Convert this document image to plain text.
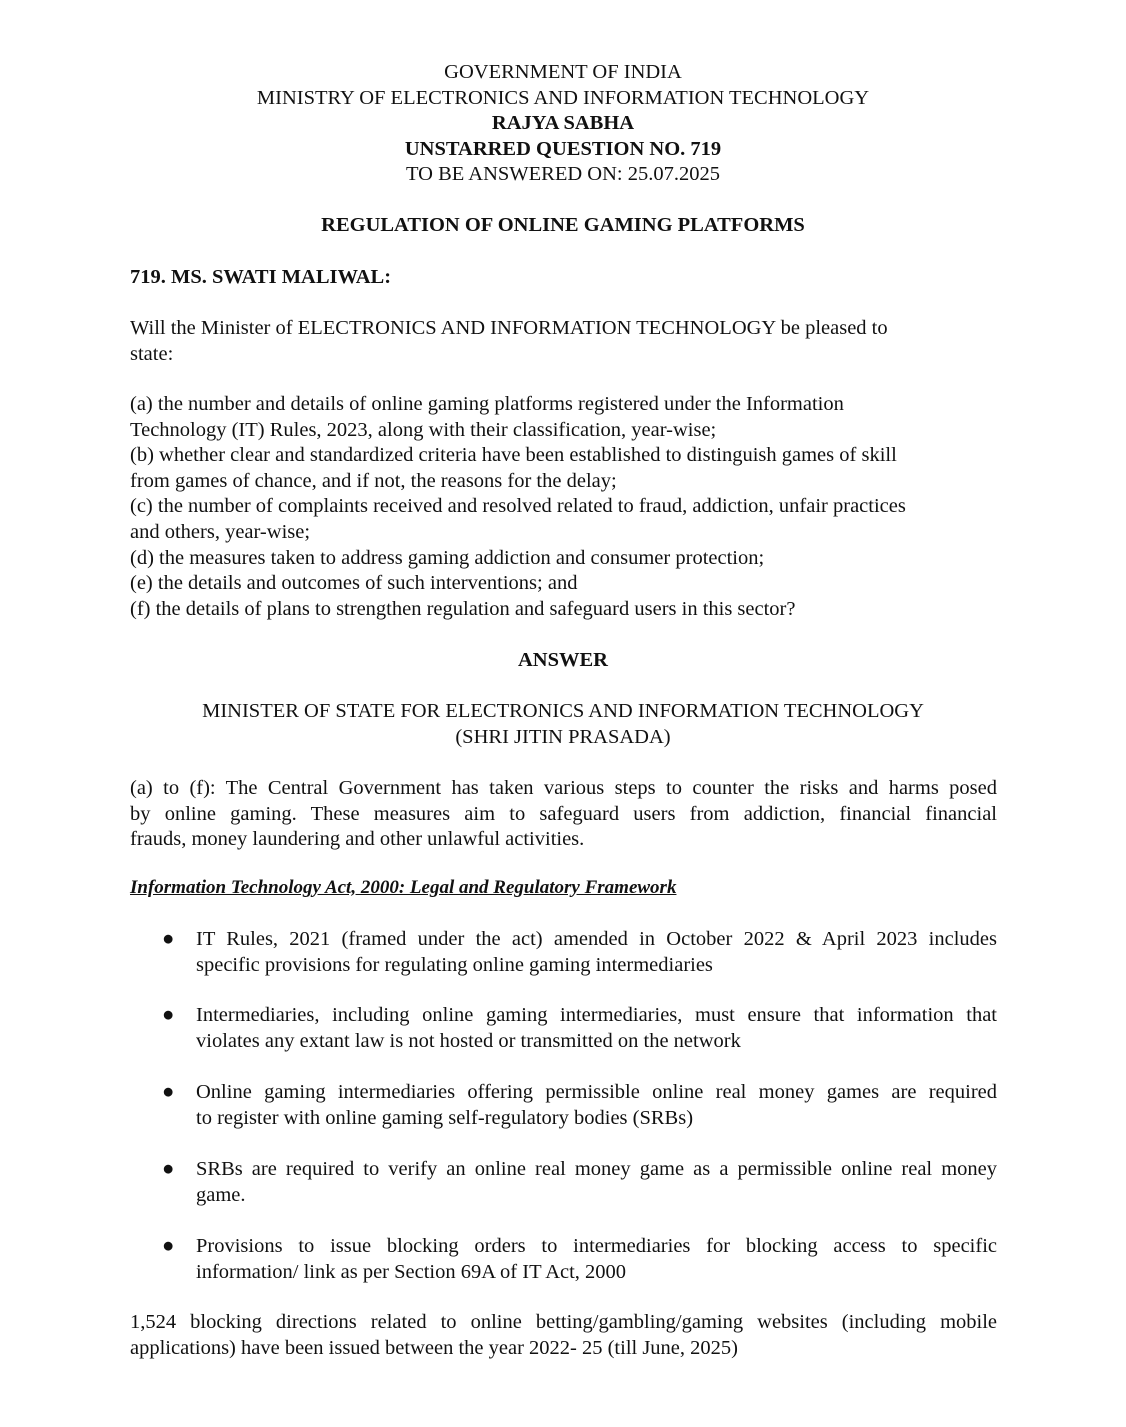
GOVERNMENT OF INDIA
MINISTRY OF ELECTRONICS AND INFORMATION TECHNOLOGY
RAJYA SABHA
UNSTARRED QUESTION NO. 719
TO BE ANSWERED ON: 25.07.2025
REGULATION OF ONLINE GAMING PLATFORMS
719. MS. SWATI MALIWAL:
Will the Minister of ELECTRONICS AND INFORMATION TECHNOLOGY be pleased to
state:
(a) the number and details of online gaming platforms registered under the Information
Technology (IT) Rules, 2023, along with their classification, year-wise;
(b) whether clear and standardized criteria have been established to distinguish games of skill
from games of chance, and if not, the reasons for the delay;
(c) the number of complaints received and resolved related to fraud, addiction, unfair practices
and others, year-wise;
(d) the measures taken to address gaming addiction and consumer protection;
(e) the details and outcomes of such interventions; and
(f) the details of plans to strengthen regulation and safeguard users in this sector?
ANSWER
MINISTER OF STATE FOR ELECTRONICS AND INFORMATION TECHNOLOGY
(SHRI JITIN PRASADA)
(a) to (f): The Central Government has taken various steps to counter the risks and harms posed
by online gaming. These measures aim to safeguard users from addiction, financial financial
frauds, money laundering and other unlawful activities.
Information Technology Act, 2000: Legal and Regulatory Framework
● IT Rules, 2021 (framed under the act) amended in October 2022 & April 2023 includes
specific provisions for regulating online gaming intermediaries
● Intermediaries, including online gaming intermediaries, must ensure that information that
violates any extant law is not hosted or transmitted on the network
● Online gaming intermediaries offering permissible online real money games are required
to register with online gaming self-regulatory bodies (SRBs)
● SRBs are required to verify an online real money game as a permissible online real money
game.
● Provisions to issue blocking orders to intermediaries for blocking access to specific
information/ link as per Section 69A of IT Act, 2000
1,524 blocking directions related to online betting/gambling/gaming websites (including mobile
applications) have been issued between the year 2022- 25 (till June, 2025)
